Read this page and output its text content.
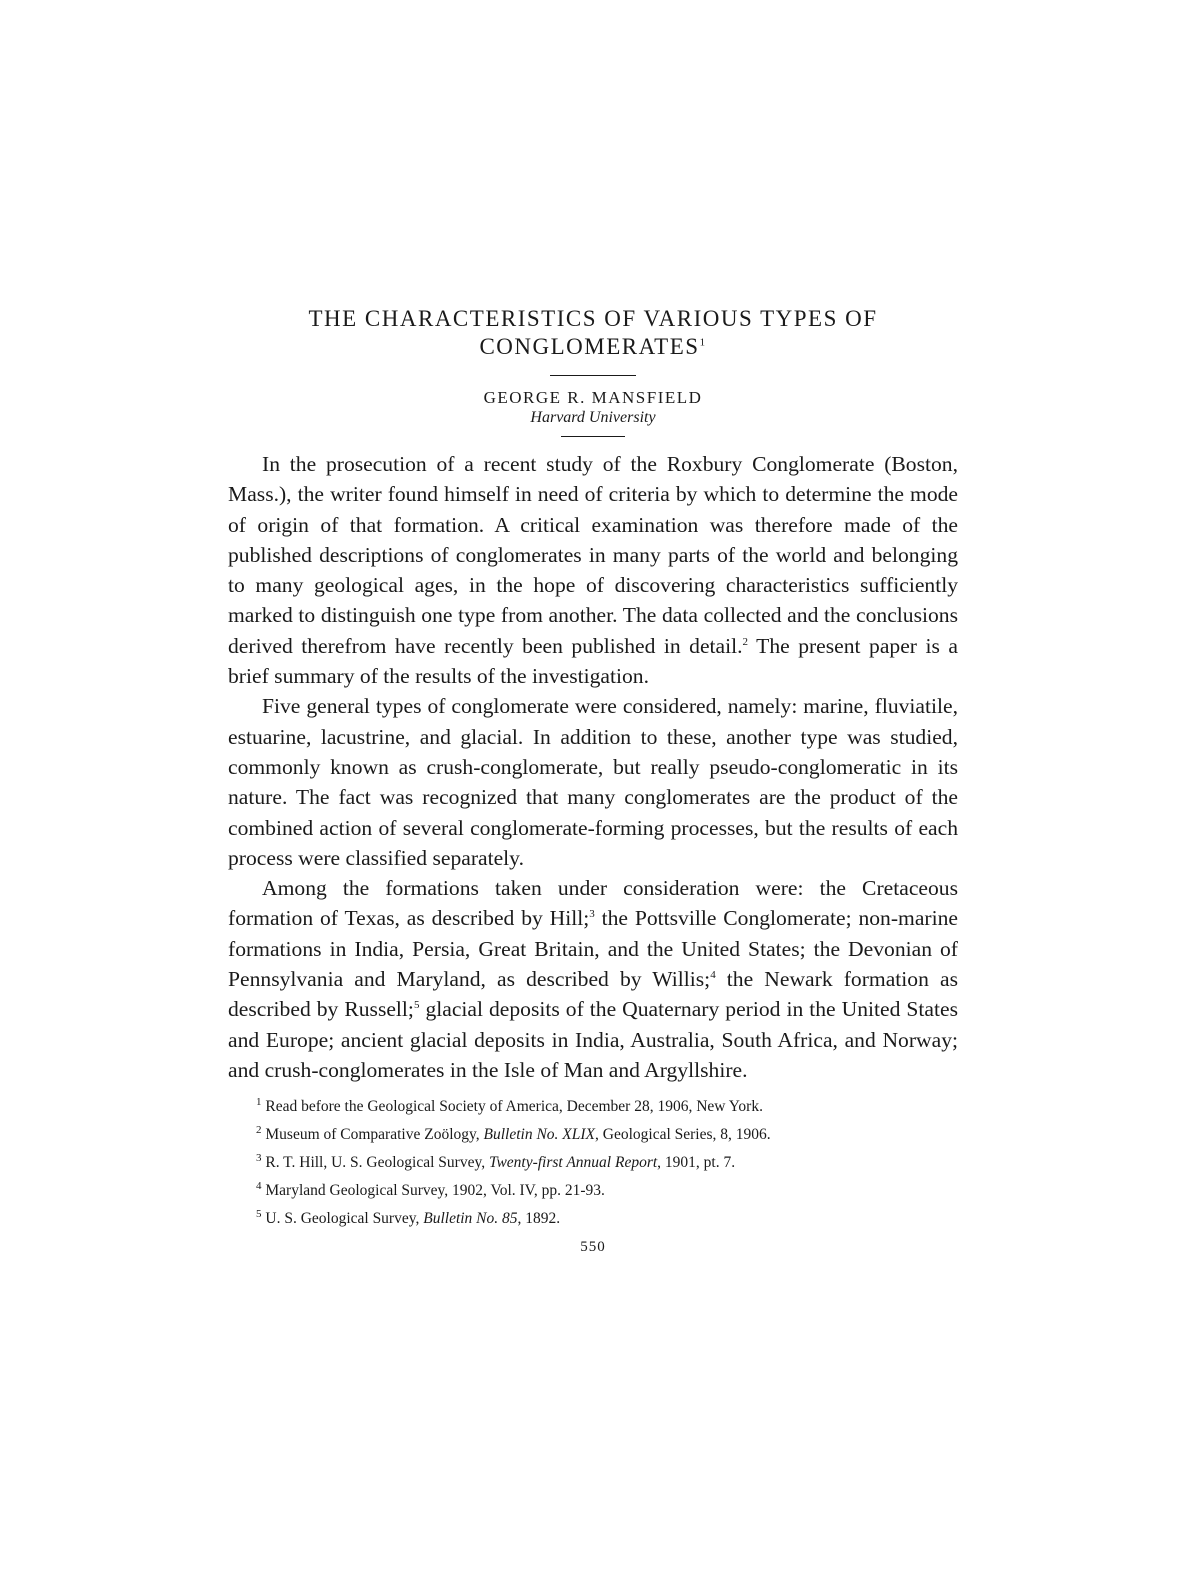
THE CHARACTERISTICS OF VARIOUS TYPES OF CONGLOMERATES$^1$
GEORGE R. MANSFIELD
Harvard University

In the prosecution of a recent study of the Roxbury Conglomerate (Boston, Mass.), the writer found himself in need of criteria by which to determine the mode of origin of that formation. A critical examination was therefore made of the published descriptions of conglomerates in many parts of the world and belonging to many geological ages, in the hope of discovering characteristics sufficiently marked to distinguish one type from another. The data collected and the conclusions derived therefrom have recently been published in detail.$^2$ The present paper is a brief summary of the results of the investigation.

Five general types of conglomerate were considered, namely: marine, fluviatile, estuarine, lacustrine, and glacial. In addition to these, another type was studied, commonly known as crush-conglomerate, but really pseudo-conglomeratic in its nature. The fact was recognized that many conglomerates are the product of the combined action of several conglomerate-forming processes, but the results of each process were classified separately.

Among the formations taken under consideration were: the Cretaceous formation of Texas, as described by Hill;$^3$ the Pottsville Conglomerate; non-marine formations in India, Persia, Great Britain, and the United States; the Devonian of Pennsylvania and Maryland, as described by Willis;$^4$ the Newark formation as described by Russell;$^5$ glacial deposits of the Quaternary period in the United States and Europe; ancient glacial deposits in India, Australia, South Africa, and Norway; and crush-conglomerates in the Isle of Man and Argyllshire.

$^1$ Read before the Geological Society of America, December 28, 1906, New York.

$^2$ Museum of Comparative Zoölogy, Bulletin No. XLIX, Geological Series, 8, 1906.

$^3$ R. T. Hill, U. S. Geological Survey, Twenty-first Annual Report, 1901, pt. 7.

$^4$ Maryland Geological Survey, 1902, Vol. IV, pp. 21-93.

$^5$ U. S. Geological Survey, Bulletin No. 85, 1892.

550
